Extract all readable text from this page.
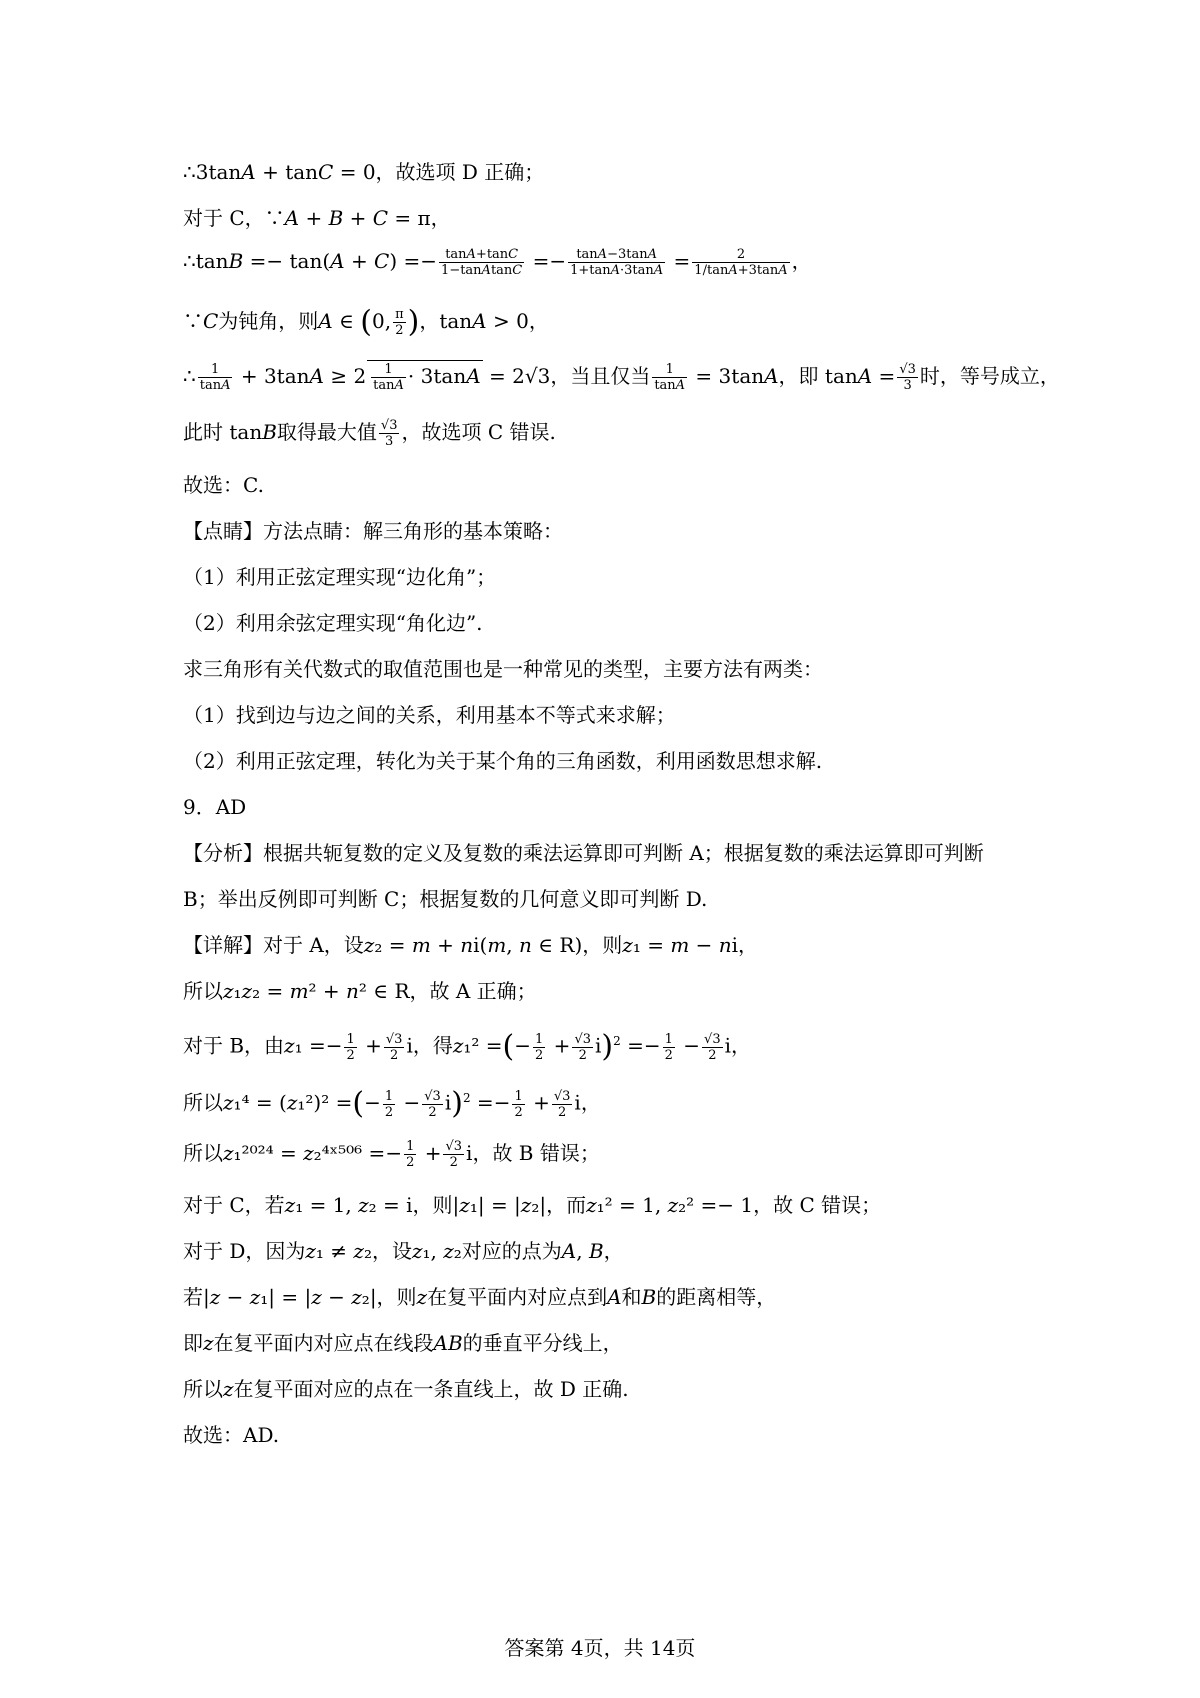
∴3tan𝐴 + tan𝐶 = 0，故选项 D 正确；
对于 C，∵𝐴 + 𝐵 + 𝐶 = π，
∴tan𝐵 =− tan(𝐴 + 𝐶) =− $\frac{\text{tan𝐴+tan𝐶}}{\text{1−tan𝐴tan𝐶}} =- \frac{\text{tan𝐴−3tan𝐴}}{\text{1+tan𝐴·3tan𝐴}} = \frac{2}{\text{1/tan𝐴+3tan𝐴}}$ ，
∵𝐶为钝角，则𝐴 ∈ (0, $\frac{\pi}{2}$ )，tan𝐴 > 0，
∴ $\frac{1}{\text{tan𝐴}}$ + 3tan𝐴 ≥ $2 \frac{1}{\text{tan𝐴}}$ · 3tan𝐴 = 2√3，当且仅当 $\frac{1}{\text{tan𝐴}}$ = 3tan𝐴，即 tan𝐴 = $\frac{√3}{3}$ 时，等号成立，
此时 tan𝐵取得最大值 $\frac{√3}{3}$ ，故选项 C 错误.
故选：C.
【点睛】方法点睛：解三角形的基本策略：
（1）利用正弦定理实现“边化角”；
（2）利用余弦定理实现“角化边”.
求三角形有关代数式的取值范围也是一种常见的类型，主要方法有两类：
（1）找到边与边之间的关系，利用基本不等式来求解；
（2）利用正弦定理，转化为关于某个角的三角函数，利用函数思想求解.
9．AD
【分析】根据共轭复数的定义及复数的乘法运算即可判断 A；根据复数的乘法运算即可判断
B；举出反例即可判断 C；根据复数的几何意义即可判断 D.
【详解】对于 A，设𝑧₂ = 𝑚 + 𝑛i(𝑚, 𝑛 ∈ R)，则𝑧₁ = 𝑚 − 𝑛i，
所以𝑧₁𝑧₂ = 𝑚² + 𝑛² ∈ R，故 A 正确；
对于 B，由𝑧₁ =− $\frac{1}{2} + \frac{√3}{2}$ i，得𝑧₁² =(− $\frac{1}{2} + \frac{√3}{2} i)^2 =- \frac{1}{2} - \frac{√3}{2}$ i，
所以𝑧₁⁴ = (𝑧₁²)² =(− $\frac{1}{2} - \frac{√3}{2} i)^2 =- \frac{1}{2} + \frac{√3}{2}$ i，
所以𝑧₁²⁰²⁴ = 𝑧₂⁴ˣ⁵⁰⁶ =− $\frac{1}{2} + \frac{√3}{2}$ i，故 B 错误；
对于 C，若𝑧₁ = 1, 𝑧₂ = i，则|𝑧₁| = |𝑧₂|，而𝑧₁² = 1, 𝑧₂² =− 1，故 C 错误；
对于 D，因为𝑧₁ ≠ 𝑧₂，设𝑧₁, 𝑧₂对应的点为𝐴, 𝐵，
若|𝑧 − 𝑧₁| = |𝑧 − 𝑧₂|，则𝑧在复平面内对应点到𝐴和𝐵的距离相等，
即𝑧在复平面内对应点在线段𝐴𝐵的垂直平分线上，
所以𝑧在复平面对应的点在一条直线上，故 D 正确.
故选：AD.
答案第 4页，共 14页
